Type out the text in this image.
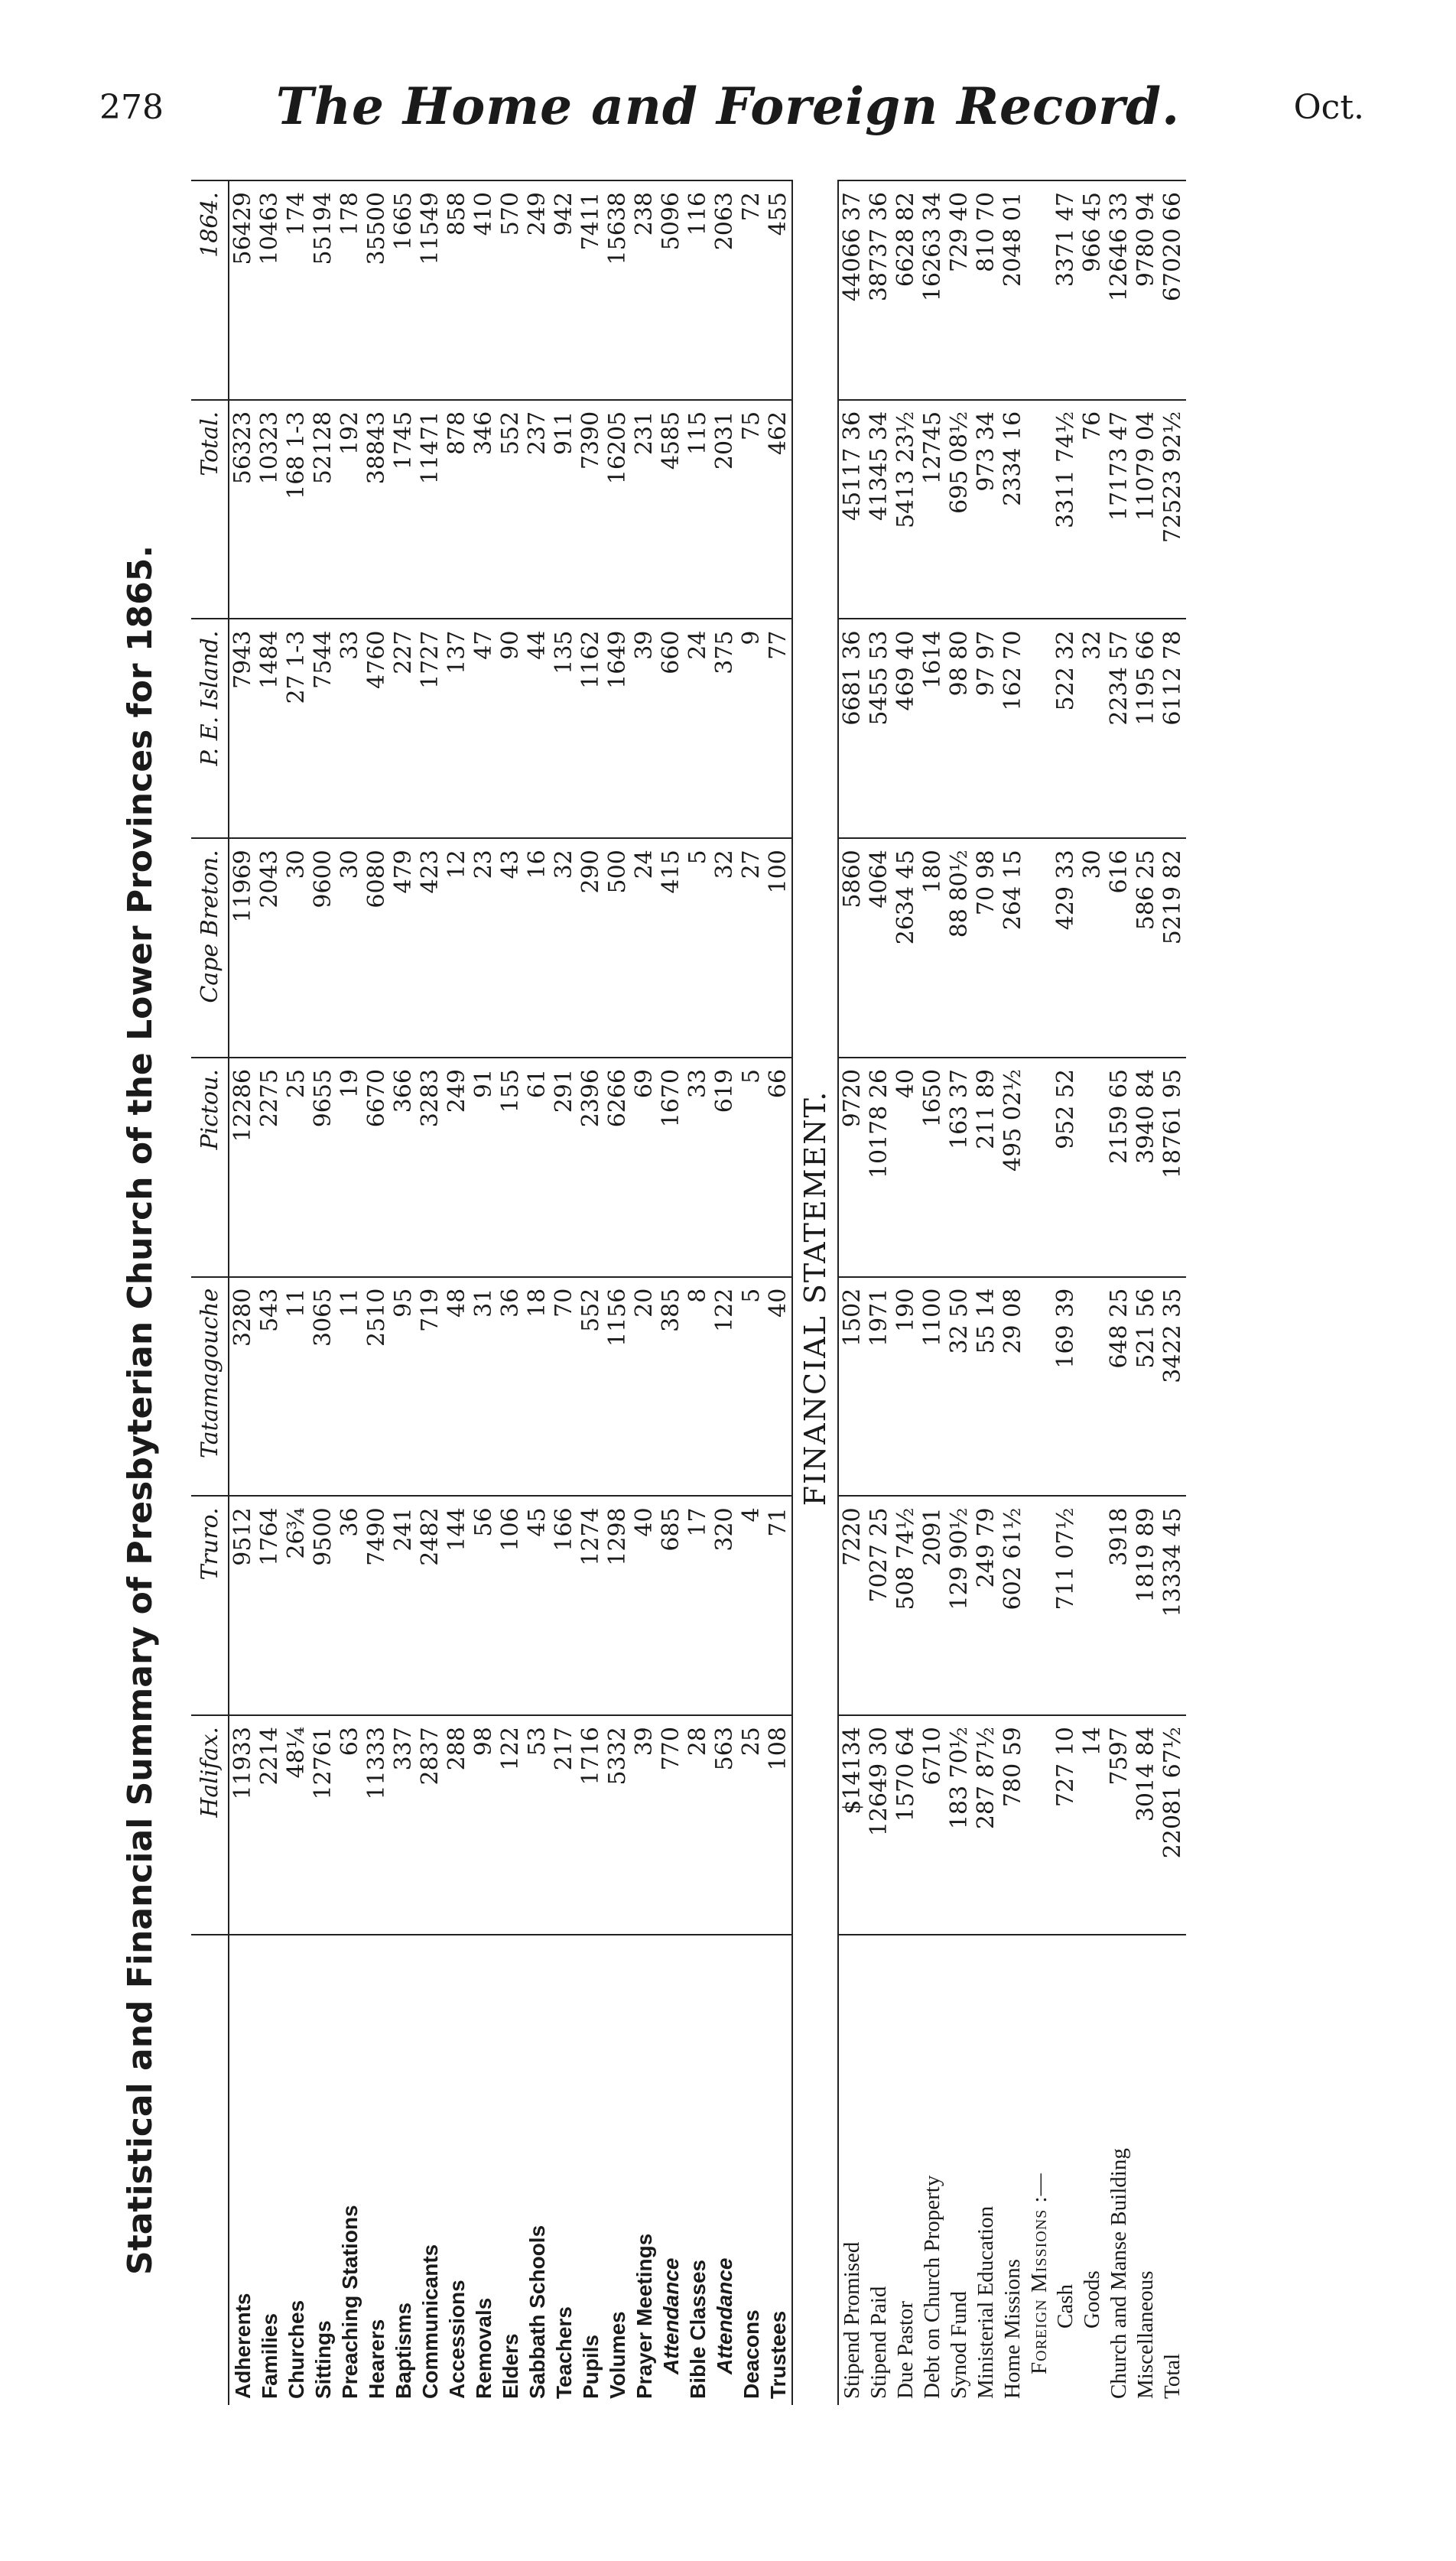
278	The Home and Foreign Record.	Oct.
Statistical and Financial Summary of Presbyterian Church of the Lower Provinces for 1865.
	Halifax.	Truro.	Tatamagouche	Pictou.	Cape Breton.	P. E. Island.	Total.	1864.
Adherents	11933	9512	3280	12286	11969	7943	56323	56429
Families	2214	1764	543	2275	2043	1484	10323	10463
Churches	48¼	26¾	11	25	30	27 1-3	168 1-3	174
Sittings	12761	9500	3065	9655	9600	7544	52128	55194
Preaching Stations	63	36	11	19	30	33	192	178
Hearers	11333	7490	2510	6670	6080	4760	38843	35500
Baptisms	337	241	95	366	479	227	1745	1665
Communicants	2837	2482	719	3283	423	1727	11471	11549
Accessions	288	144	48	249	12	137	878	858
Removals	98	56	31	91	23	47	346	410
Elders	122	106	36	155	43	90	552	570
Sabbath Schools	53	45	18	61	16	44	237	249
Teachers	217	166	70	291	32	135	911	942
Pupils	1716	1274	552	2396	290	1162	7390	7411
Volumes	5332	1298	1156	6266	500	1649	16205	15638
Prayer Meetings	39	40	20	69	24	39	231	238
Attendance	770	685	385	1670	415	660	4585	5096
Bible Classes	28	17	8	33	5	24	115	116
Attendance	563	320	122	619	32	375	2031	2063
Deacons	25	4	5	5	27	9	75	72
Trustees	108	71	40	66	100	77	462	455
FINANCIAL STATEMENT.								
Stipend Promised	$14134	7220	1502	9720	5860	6681 36	45117 36	44066 37
Stipend Paid	12649 30	7027 25	1971	10178 26	4064	5455 53	41345 34	38737 36
Due Pastor	1570 64	508 74½	190	40	2634 45	469 40	5413 23½	6628 82
Debt on Church Property	6710	2091	1100	1650	180	1614	12745	16263 34
Synod Fund	183 70½	129 90½	32 50	163 37	88 80½	98 80	695 08½	729 40
Ministerial Education	287 87½	249 79	55 14	211 89	70 98	97 97	973 34	810 70
Home Missions	780 59	602 61½	29 08	495 02½	264 15	162 70	2334 16	2048 01
Foreign Missions :—								
Cash	727 10	711 07½	169 39	952 52	429 33	522 32	3311 74½	3371 47
Goods	14				30	32	76	966 45
Church and Manse Building	7597	3918	648 25	2159 65	616	2234 57	17173 47	12646 33
Miscellaneous	3014 84	1819 89	521 56	3940 84	586 25	1195 66	11079 04	9780 94
Total	22081 67½	13334 45	3422 35	18761 95	5219 82	6112 78	72523 92½	67020 66
